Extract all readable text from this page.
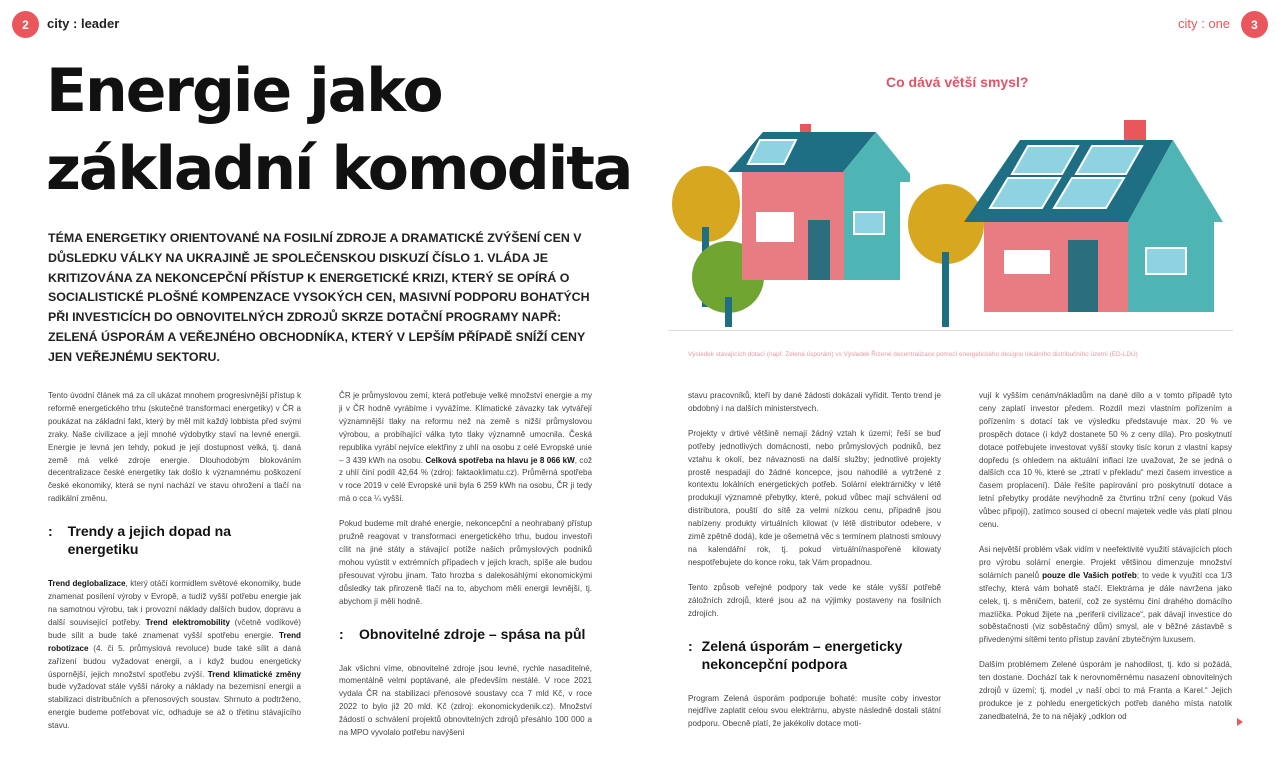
2	city : leader	city : one	3
Energie jako
základní komodita

TÉMA ENERGETIKY ORIENTOVANÉ NA FOSILNÍ ZDROJE A DRAMATICKÉ ZVÝŠENÍ CEN V DŮSLEDKU VÁLKY NA UKRAJINĚ JE SPOLEČENSKOU DISKUZÍ ČÍSLO 1. VLÁDA JE KRITIZOVÁNA ZA NEKONCEPČNÍ PŘÍSTUP K ENERGETICKÉ KRIZI, KTERÝ SE OPÍRÁ O SOCIALISTICKÉ PLOŠNÉ KOMPENZACE VYSOKÝCH CEN, MASIVNÍ PODPORU BOHATÝCH PŘI INVESTICÍCH DO OBNOVITELNÝCH ZDROJŮ SKRZE DOTAČNÍ PROGRAMY NAPŘ: ZELENÁ ÚSPORÁM A VEŘEJNÉHO OBCHODNÍKA, KTERÝ V LEPŠÍM PŘÍPADĚ SNÍŽÍ CENY JEN VEŘEJNÉMU SEKTORU.

Co dává větší smysl?
Výsledek stávajících dotací (např. Zelená úsporám) vs Výsledek Řízené decentralizace pomocí energetického designu lokálního distribučního území (ED-LDÚ)

Tento úvodní článek má za cíl ukázat mnohem progresivnější přístup k reformě energetického trhu (skutečné transformaci energetiky) v ČR a poukázat na základní fakt, který by měl mít každý lobbista před svými zraky. Naše civilizace a její mnohé výdobytky staví na levné energii. Energie je levná jen tehdy, pokud je její dostupnost velká, tj. daná země má velké zdroje energie. Dlouhodobým blokováním decentralizace české energetiky tak došlo k významnému poškození české ekonomiky, která se nyní nachází ve stavu ohrožení a tlačí na radikální změnu.

:	Trendy a jejich dopad na energetiku

Trend deglobalizace, který otáčí kormidlem světové ekonomiky, bude znamenat posílení výroby v Evropě, a tudíž vyšší potřebu energie jak na samotnou výrobu, tak i provozní náklady dalších budov, dopravu a další související potřeby. Trend elektromobility (včetně vodíkové) bude sílit a bude také znamenat vyšší spotřebu energie. Trend robotizace (4. či 5. průmyslová revoluce) bude také sílit a daná zařízení budou vyžadovat energii, a i když budou energeticky úspornější, jejich množství spotřebu zvýší. Trend klimatické změny bude vyžadovat stále vyšší nároky a náklady na bezemisní energii a stabilizaci distribučních a přenosových soustav. Shrnuto a podtrženo, energie budeme potřebovat víc, odhaduje se až o třetinu stávajícího stavu.

ČR je průmyslovou zemí, která potřebuje velké množství energie a my ji v ČR hodně vyrábíme i vyvážíme. Klimatické závazky tak vytvářejí významnější tlaky na reformu než na země s nižší průmyslovou výrobou, a probíhající válka tyto tlaky významně umocnila. Česká republika vyrábí nejvíce elektřiny z uhlí na osobu z celé Evropské unie – 3 439 kWh na osobu. Celková spotřeba na hlavu je 8 066 kW, což z uhlí činí podíl 42,64 % (zdroj: faktaoklimatu.cz). Průměrná spotřeba v roce 2019 v celé Evropské unii byla 6 259 kWh na osobu, ČR ji tedy má o cca ¼ vyšší.

Pokud budeme mít drahé energie, nekoncepční a neohrabaný přístup pružně reagovat v transformaci energetického trhu, budou investoři cílit na jiné státy a stávající potíže našich průmyslových podniků mohou vyústit v extrémních případech v jejich krach, spíše ale budou přesouvat výrobu jinam. Tato hrozba s dalekosáhlými ekonomickými důsledky tak přirozeně tlačí na to, abychom měli energii levnější, tj. abychom jí měli hodně.

:	Obnovitelné zdroje – spása na půl

Jak všichni víme, obnovitelné zdroje jsou levné, rychle nasaditelné, momentálně velmi poptávané, ale především nestálé. V roce 2021 vydala ČR na stabilizaci přenosové soustavy cca 7 mld Kč, v roce 2022 to bylo již 20 mld. Kč (zdroj: ekonomickydenik.cz). Množství žádostí o schválení projektů obnovitelných zdrojů přesáhlo 100 000 a na MPO vyvolalo potřebu navýšení

stavu pracovníků, kteří by dané žádosti dokázali vyřídit. Tento trend je obdobný i na dalších ministerstvech.

Projekty v drtivé většině nemají žádný vztah k území; řeší se buď potřeby jednotlivých domácností, nebo průmyslových podniků, bez vztahu k okolí, bez návaznosti na další služby; jednotlivé projekty prostě nespadají do žádné koncepce, jsou nahodilé a vytržené z kontextu lokálních energetických potřeb. Solární elektrárničky v létě produkují významné přebytky, které, pokud vůbec mají schválení od distributora, pouští do sítě za velmi nízkou cenu, případně jsou nabízeny produkty virtuálních kilowat (v létě distributor odebere, v zimě zpětně dodá), kde je ošemetná věc s termínem platnosti smlouvy na kalendářní rok, tj. pokud virtuální/naspořené kilowaty nespotřebujete do konce roku, tak Vám propadnou.

Tento způsob veřejné podpory tak vede ke stále vyšší potřebě záložních zdrojů, které jsou až na výjimky postaveny na fosilních zdrojích.

: Zelená úsporám – energeticky nekoncepční podpora

Program Zelená úsporám podporuje bohaté: musíte coby investor nejdříve zaplatit celou svou elektrárnu, abyste následně dostali státní podporu. Obecně platí, že jakékoliv dotace moti-

vují k vyšším cenám/nákladům na dané dílo a v tomto případě tyto ceny zaplatí investor předem. Rozdíl mezi vlastním pořízením a pořízením s dotací tak ve výsledku představuje max. 20 % ve prospěch dotace (i když dostanete 50 % z ceny díla). Pro poskytnutí dotace potřebujete investovat vyšší stovky tisíc korun z vlastní kapsy dopředu (s ohledem na aktuální inflaci lze uvažovat, že se jedná o dalších cca 10 %, které se „ztratí v překladu“ mezi časem investice a časem proplacení). Dále řešíte papírování pro poskytnutí dotace a letní přebytky prodáte nevýhodně za čtvrtinu tržní ceny (pokud Vás vůbec připojí), zatímco soused ci obecní majetek vedle vás platí plnou cenu.

Asi největší problém však vidím v neefektivité využití stávajících ploch pro výrobu solární energie. Projekt většinou dimenzuje množství solárních panelů pouze dle Vašich potřeb; to vede k využití cca 1/3 střechy, která vám bohatě stačí. Elektrárna je dále navržena jako celek, tj. s měničem, baterií, což ze systému činí drahého domácího mazlíčka. Pokud žijete na „periferii civilizace“, pak dávají investice do soběstačnosti (viz soběstačný dům) smysl, ale v běžné zástavbě s přivedenými sítěmi tento přístup zavání zbytečným luxusem.

Dalším problémem Zelené úsporám je nahodilost, tj. kdo si požádá, ten dostane. Dochází tak k nerovnoměrnému nasazení obnovitelných zdrojů v území; tj. model „v naší obci to má Franta a Karel.“ Jejich produkce je z pohledu energetických potřeb daného místa natolik zanedbatelná, že to na nějaký „odklon od
